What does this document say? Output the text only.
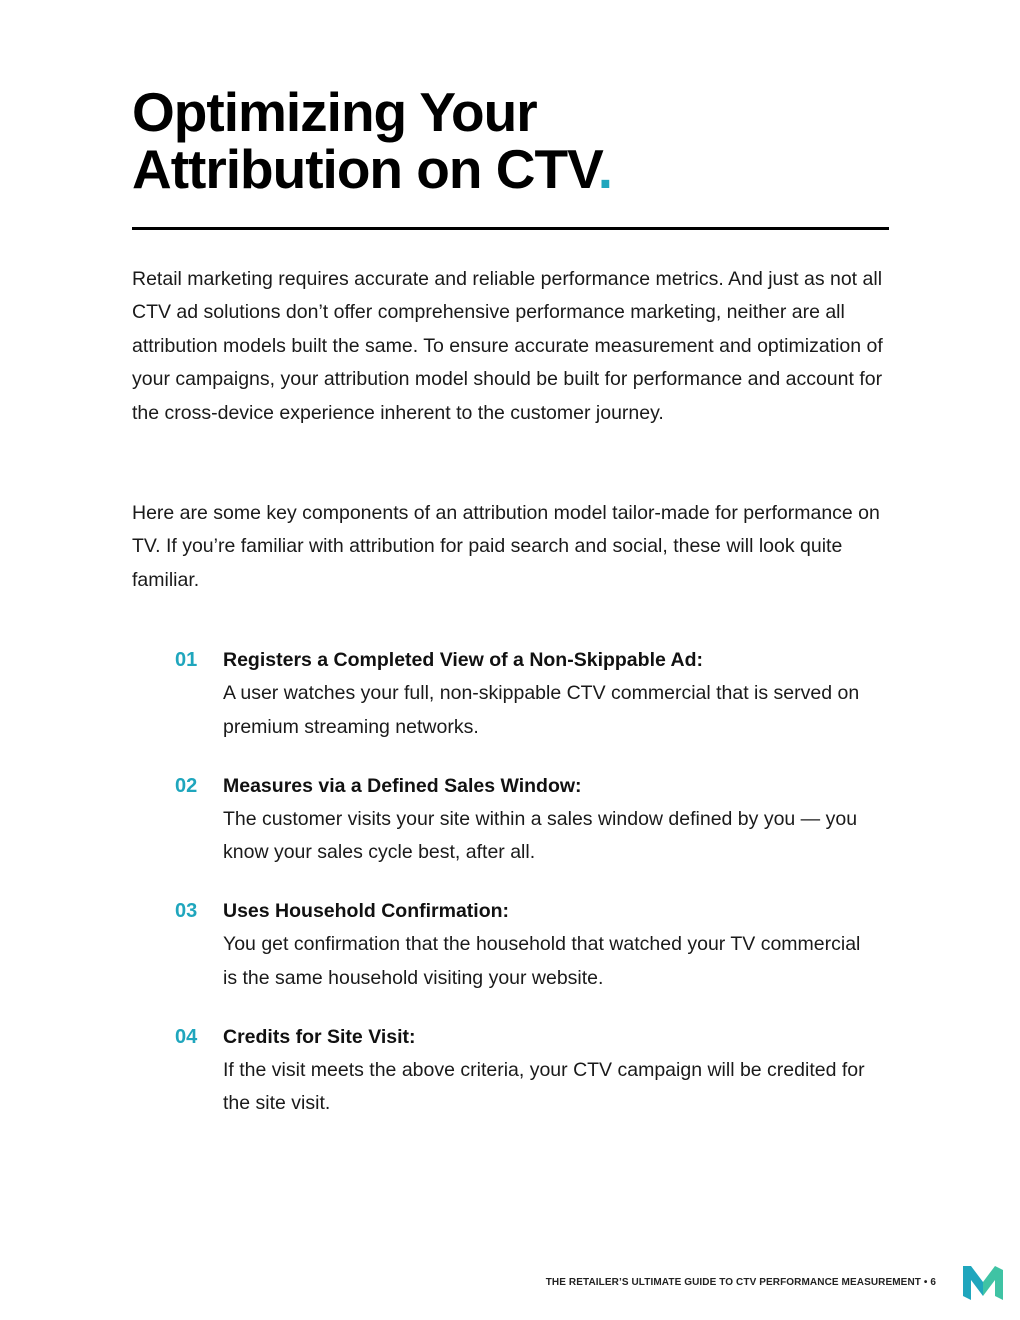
Optimizing Your
Attribution on CTV.

Retail marketing requires accurate and reliable performance metrics. And just as not all CTV ad solutions don’t offer comprehensive performance marketing, neither are all attribution models built the same. To ensure accurate measurement and optimization of your campaigns, your attribution model should be built for performance and account for the cross-device experience inherent to the customer journey.

Here are some key components of an attribution model tailor-made for performance on TV. If you’re familiar with attribution for paid search and social, these will look quite familiar.

01 Registers a Completed View of a Non-Skippable Ad:
A user watches your full, non-skippable CTV commercial that is served on premium streaming networks.
02 Measures via a Defined Sales Window:
The customer visits your site within a sales window defined by you — you know your sales cycle best, after all.
03 Uses Household Confirmation:
You get confirmation that the household that watched your TV commercial is the same household visiting your website.
04 Credits for Site Visit:
If the visit meets the above criteria, your CTV campaign will be credited for the site visit.
THE RETAILER’S ULTIMATE GUIDE TO CTV PERFORMANCE MEASUREMENT • 6
